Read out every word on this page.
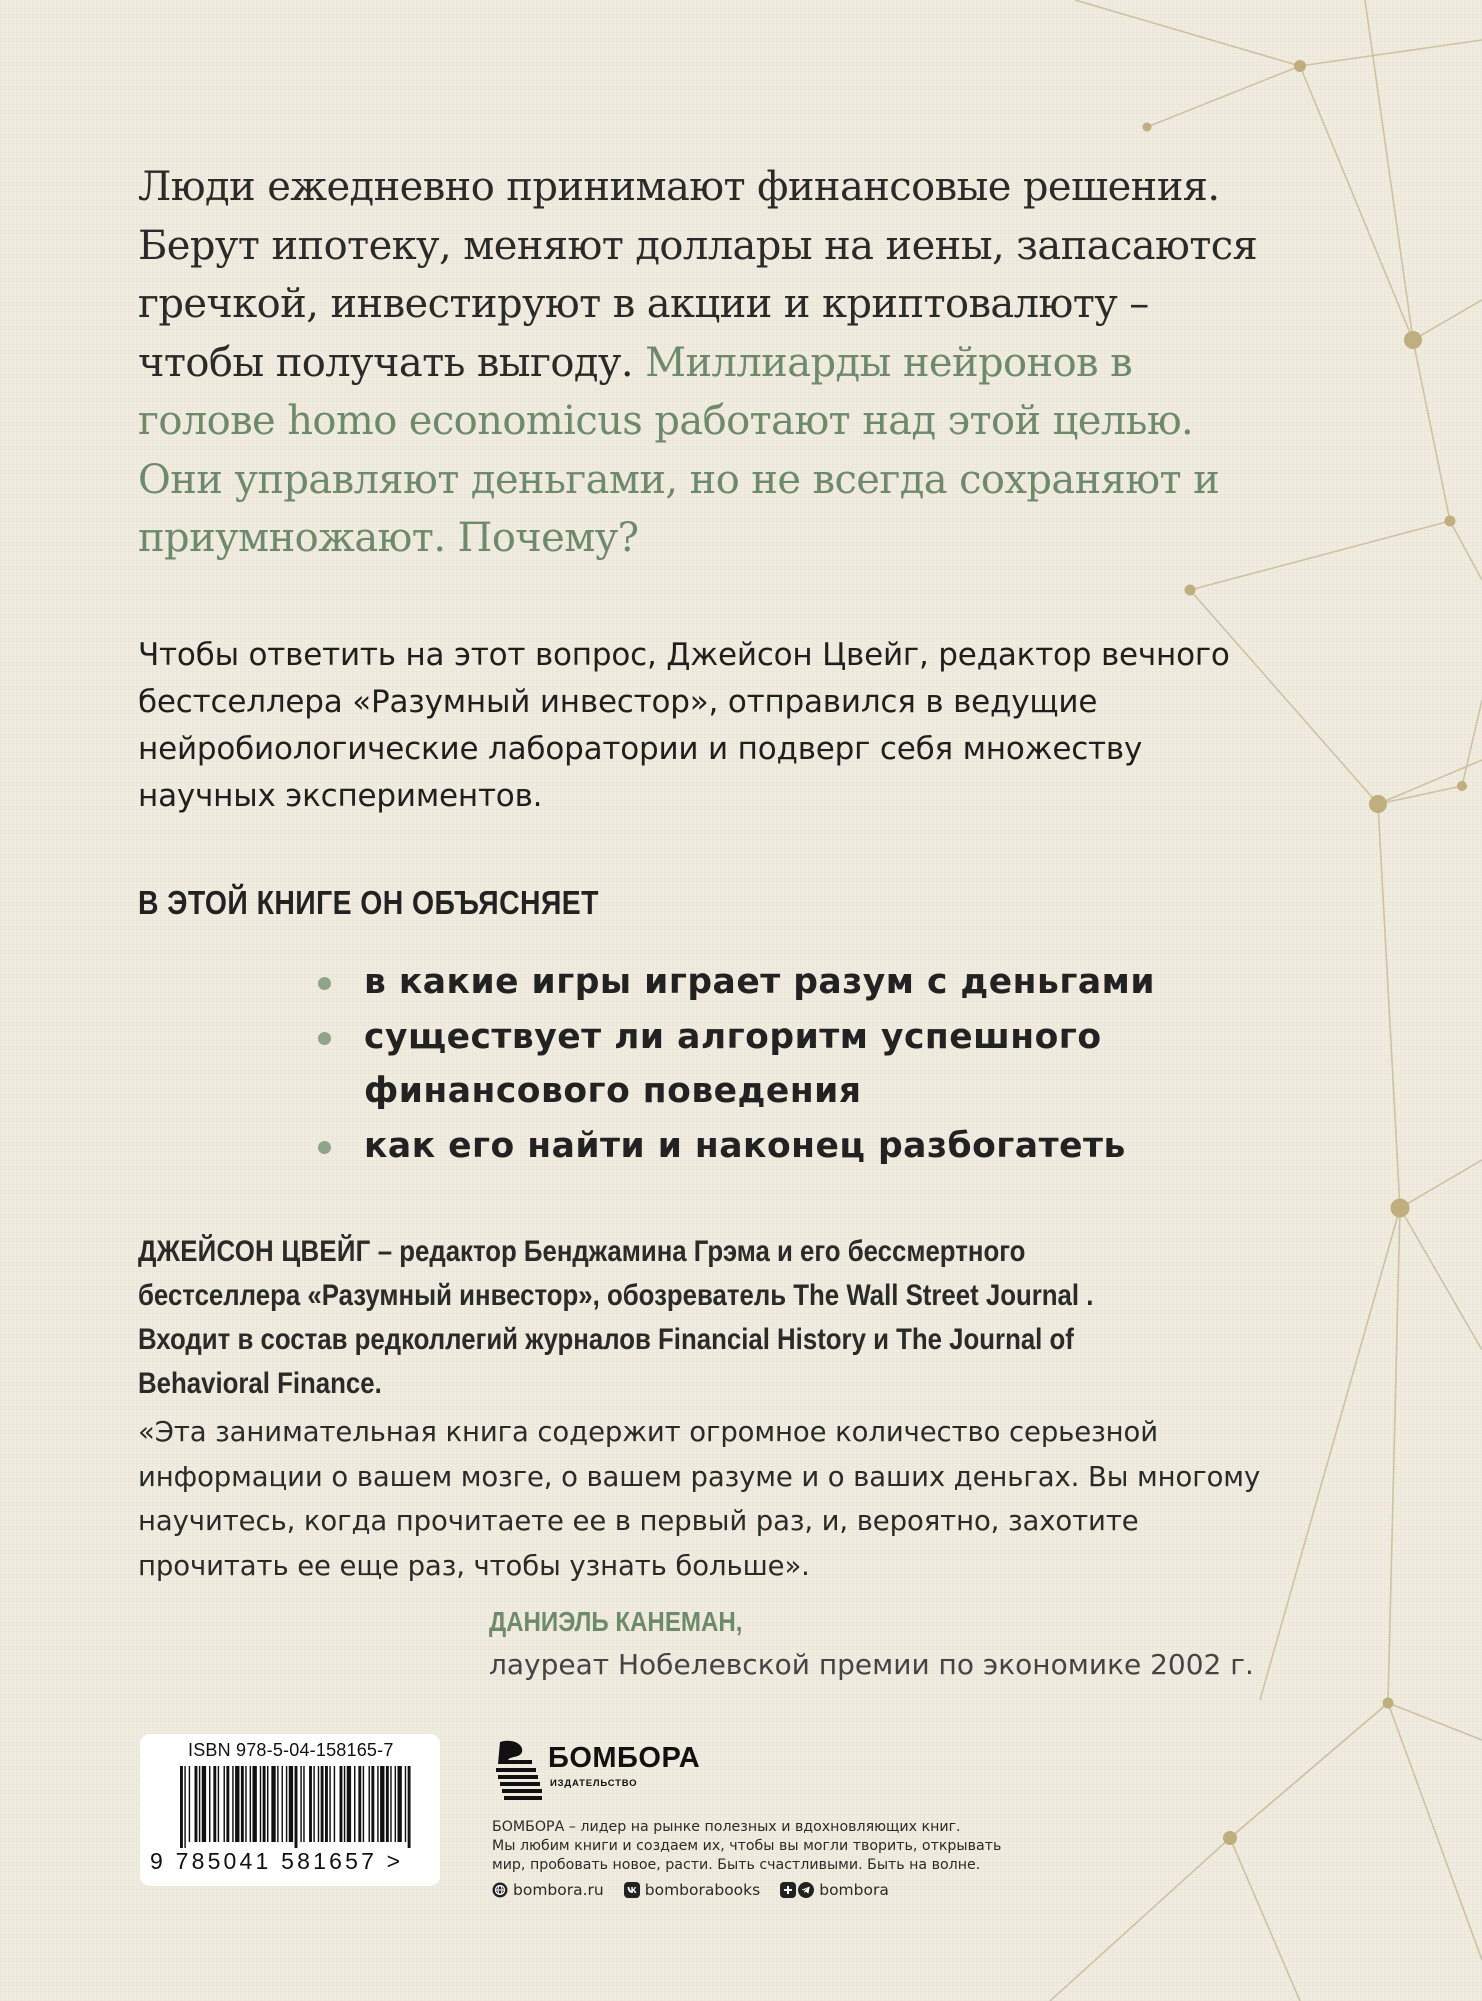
Люди ежедневно принимают финансовые решения. Берут ипотеку, меняют доллары на иены, запасаются гречкой, инвестируют в акции и криптовалюту – чтобы получать выгоду. Миллиарды нейронов в голове homo economicus работают над этой целью. Они управляют деньгами, но не всегда сохраняют и приумножают. Почему?

Чтобы ответить на этот вопрос, Джейсон Цвейг, редактор вечного бестселлера «Разумный инвестор», отправился в ведущие нейробиологические лаборатории и подверг себя множеству научных экспериментов.

В ЭТОЙ КНИГЕ ОН ОБЪЯСНЯЕТ

в какие игры играет разум с деньгами
существует ли алгоритм успешного финансового поведения
как его найти и наконец разбогатеть

ДЖЕЙСОН ЦВЕЙГ – редактор Бенджамина Грэма и его бессмертного бестселлера «Разумный инвестор», обозреватель The Wall Street Journal . Входит в состав редколлегий журналов Financial History и The Journal of Behavioral Finance.

«Эта занимательная книга содержит огромное количество серьезной информации о вашем мозге, о вашем разуме и о ваших деньгах. Вы многому научитесь, когда прочитаете ее в первый раз, и, вероятно, захотите прочитать ее еще раз, чтобы узнать больше».

ДАНИЭЛЬ КАНЕМАН,

лауреат Нобелевской премии по экономике 2002 г.

ISBN 978-5-04-158165-7
9 785041 581657 >
БОМБОРА
ИЗДАТЕЛЬСТВО

БОМБОРА – лидер на рынке полезных и вдохновляющих книг.
Мы любим книги и создаем их, чтобы вы могли творить, открывать
мир, пробовать новое, расти. Быть счастливыми. Быть на волне.

bombora.ru	bomborabooks	bombora
